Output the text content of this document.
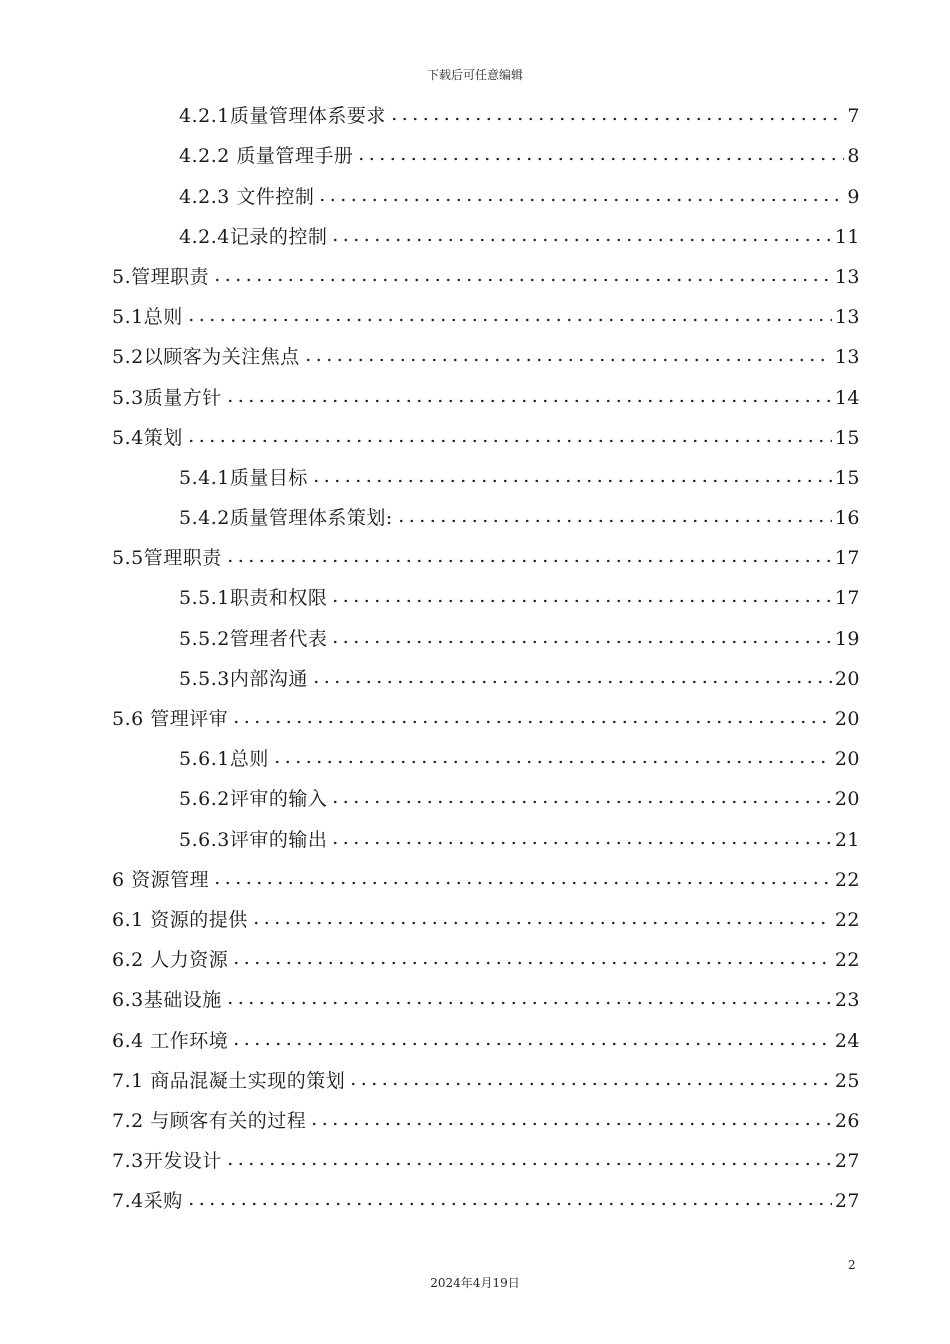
下载后可任意编辑
4.2.1质量管理体系要求	7
4.2.2 质量管理手册	8
4.2.3 文件控制	9
4.2.4记录的控制	11
5.管理职责	13
5.1总则	13
5.2以顾客为关注焦点	13
5.3质量方针	14
5.4策划	15
5.4.1质量目标	15
5.4.2质量管理体系策划:	16
5.5管理职责	17
5.5.1职责和权限	17
5.5.2管理者代表	19
5.5.3内部沟通	20
5.6 管理评审	20
5.6.1总则	20
5.6.2评审的输入	20
5.6.3评审的输出	21
6 资源管理	22
6.1 资源的提供	22
6.2 人力资源	22
6.3基础设施	23
6.4 工作环境	24
7.1 商品混凝土实现的策划	25
7.2 与顾客有关的过程	26
7.3开发设计	27
7.4采购	27
2
2024年4月19日
